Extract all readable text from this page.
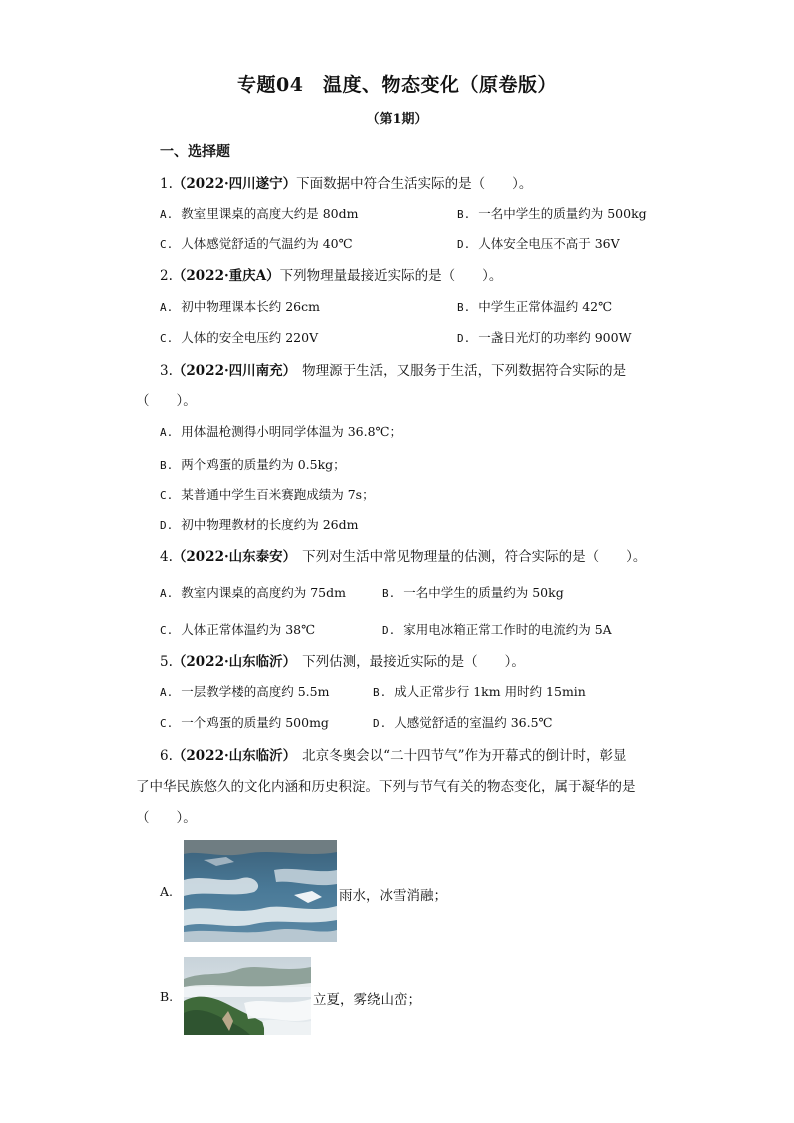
专题04　温度、物态变化（原卷版）
（第1期）
一、选择题
1.（2022·四川遂宁）下面数据中符合生活实际的是（　　）。
A. 教室里课桌的高度大约是 80dm	B. 一名中学生的质量约为 500kg
C. 人体感觉舒适的气温约为 40℃	D. 人体安全电压不高于 36V
2.（2022·重庆A）下列物理量最接近实际的是（　　）。
A. 初中物理课本长约 26cm	B. 中学生正常体温约 42℃
C. 人体的安全电压约 220V	D. 一盏日光灯的功率约 900W
3.（2022·四川南充） 物理源于生活，又服务于生活，下列数据符合实际的是
（　　）。
A. 用体温枪测得小明同学体温为 36.8℃；
B. 两个鸡蛋的质量约为 0.5kg；
C. 某普通中学生百米赛跑成绩为 7s；
D. 初中物理教材的长度约为 26dm
4.（2022·山东泰安） 下列对生活中常见物理量的估测，符合实际的是（　　）。
A. 教室内课桌的高度约为 75dm	B. 一名中学生的质量约为 50kg
C. 人体正常体温约为 38℃	D. 家用电冰箱正常工作时的电流约为 5A
5.（2022·山东临沂） 下列估测，最接近实际的是（　　）。
A. 一层教学楼的高度约 5.5m	B. 成人正常步行 1km 用时约 15min
C. 一个鸡蛋的质量约 500mg	D. 人感觉舒适的室温约 36.5℃
6.（2022·山东临沂） 北京冬奥会以“二十四节气”作为开幕式的倒计时，彰显
了中华民族悠久的文化内涵和历史积淀。下列与节气有关的物态变化，属于凝华的是
（　　）。
A.	雨水，冰雪消融；
B.	立夏，雾绕山峦；
